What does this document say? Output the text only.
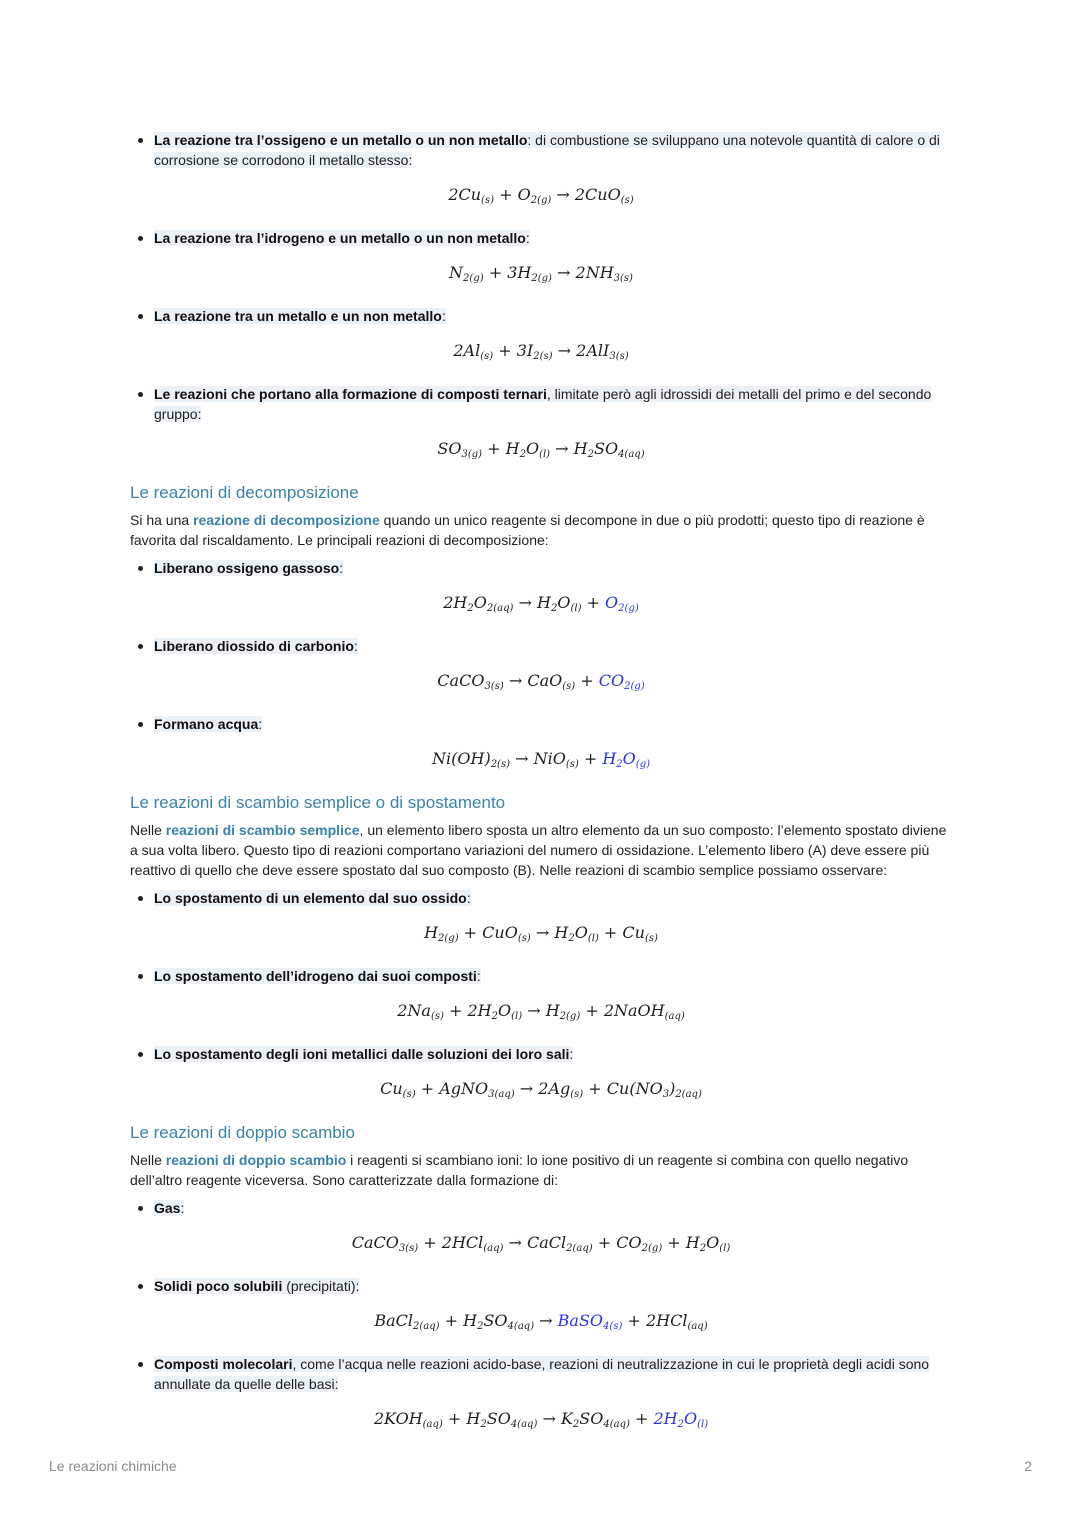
La reazione tra l’ossigeno e un metallo o un non metallo: di combustione se sviluppano una notevole quantità di calore o di corrosione se corrodono il metallo stesso:
$2Cu_{(s)} + O_{2(g)} \to 2CuO_{(s)}$
La reazione tra l’idrogeno e un metallo o un non metallo:
$N_{2(g)} + 3H_{2(g)} \to 2NH_{3(s)}$
La reazione tra un metallo e un non metallo:
$2Al_{(s)} + 3I_{2(s)} \to 2AlI_{3(s)}$
Le reazioni che portano alla formazione di composti ternari, limitate però agli idrossidi dei metalli del primo e del secondo gruppo:
$SO_{3(g)} + H_2O_{(l)} \to H_2SO_{4(aq)}$
Le reazioni di decomposizione

Si ha una reazione di decomposizione quando un unico reagente si decompone in due o più prodotti; questo tipo di reazione è favorita dal riscaldamento. Le principali reazioni di decomposizione:

Liberano ossigeno gassoso:
$2H_2O_{2(aq)} \to H_2O_{(l)} + O_{2(g)}$
Liberano diossido di carbonio:
CaCO$_{3(s)}$ → $CaO_{(s)} + CO_{2(g)}$
Formano acqua:
$Ni(OH)_{2(s)} \to NiO_{(s)} + H_2O_{(g)}$
Le reazioni di scambio semplice o di spostamento

Nelle reazioni di scambio semplice, un elemento libero sposta un altro elemento da un suo composto: l’elemento spostato diviene a sua volta libero. Questo tipo di reazioni comportano variazioni del numero di ossidazione. L’elemento libero (A) deve essere più reattivo di quello che deve essere spostato dal suo composto (B). Nelle reazioni di scambio semplice possiamo osservare:

Lo spostamento di un elemento dal suo ossido:
$H_{2(g)} + CuO_{(s)} \to H_2O_{(l)} + Cu_{(s)}$
Lo spostamento dell’idrogeno dai suoi composti:
$2Na_{(s)} + 2H_2O_{(l)} \to H_{2(g)}$ + 2NaOH$_{(aq)}$
Lo spostamento degli ioni metallici dalle soluzioni dei loro sali:
$Cu_{(s)}$ + AgNO$_{3(aq)}$ → $2Ag_{(s)} + Cu(NO_3)_{2(aq)}$
Le reazioni di doppio scambio

Nelle reazioni di doppio scambio i reagenti si scambiano ioni: lo ione positivo di un reagente si combina con quello negativo dell’altro reagente viceversa. Sono caratterizzate dalla formazione di:

Gas:
CaCO$_{3(s)}$ + 2HCl$_{(aq)}$ → CaCl$_{2(aq)}$ + $CO_{2(g)} + H_2O_{(l)}$
Solidi poco solubili (precipitati):
BaCl$_{2(aq)}$ + $H_2SO_{4(aq)}$ → BaSO$_{4(s)}$ + 2HCl$_{(aq)}$
Composti molecolari, come l’acqua nelle reazioni acido-base, reazioni di neutralizzazione in cui le proprietà degli acidi sono annullate da quelle delle basi:
$2KOH_{(aq)} + H_2SO_{4(aq)} \to K_2SO_{4(aq)} + 2H_2O_{(l)}$
Le reazioni chimiche	2
